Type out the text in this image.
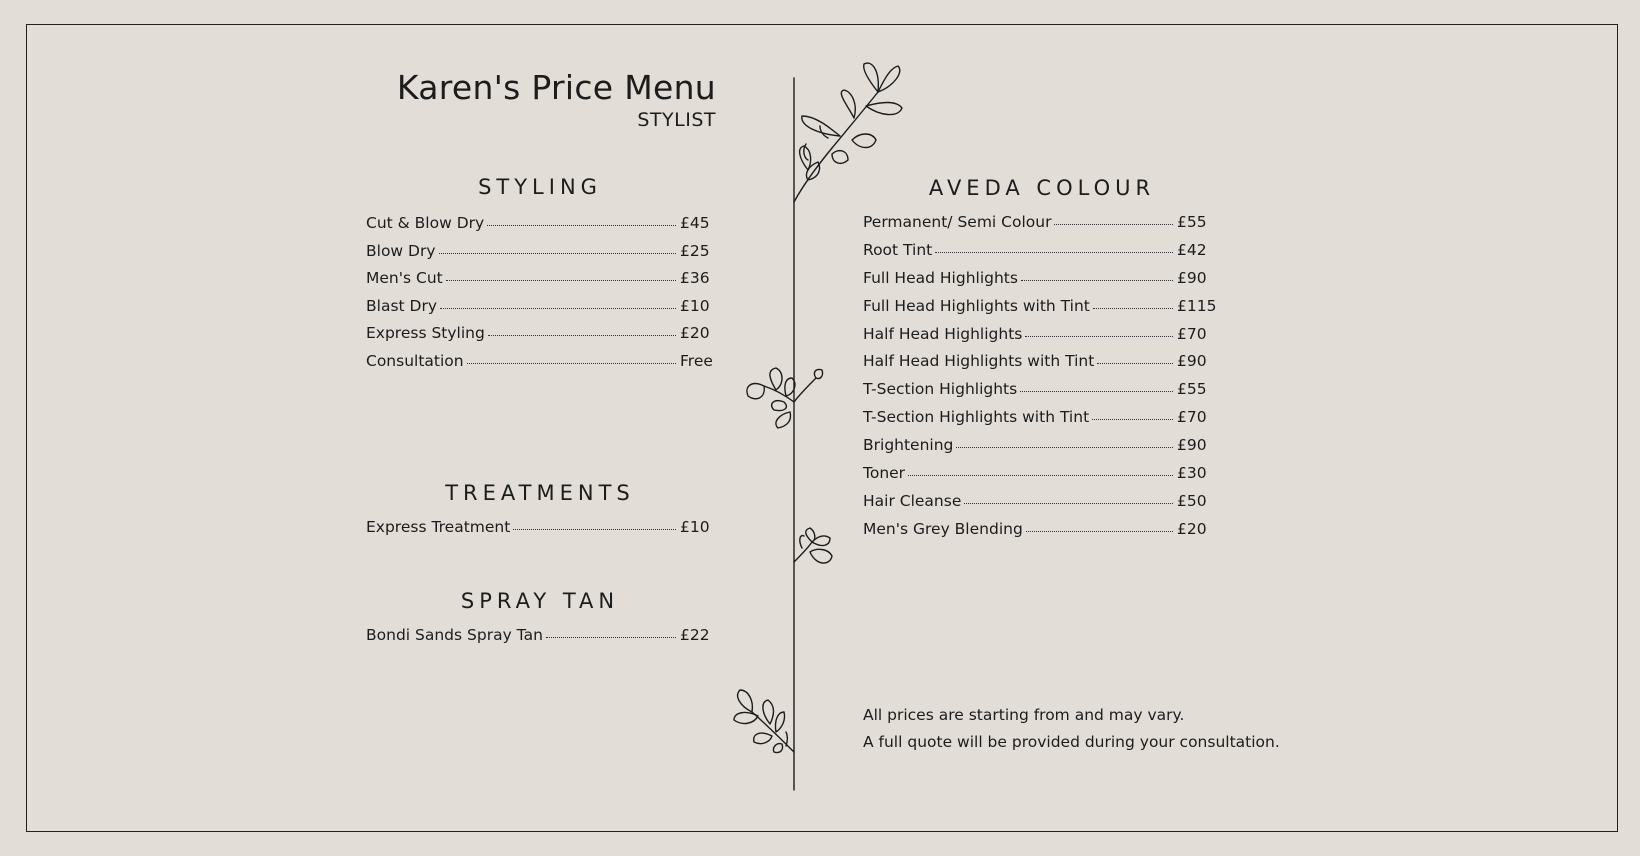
Karen's Price Menu
STYLIST
STYLING
Cut & Blow Dry	£45
Blow Dry	£25
Men's Cut	£36
Blast Dry	£10
Express Styling	£20
Consultation	Free
TREATMENTS
Express Treatment	£10
SPRAY TAN
Bondi Sands Spray Tan	£22
AVEDA COLOUR
Permanent/ Semi Colour	£55
Root Tint	£42
Full Head Highlights	£90
Full Head Highlights with Tint	£115
Half Head Highlights	£70
Half Head Highlights with Tint	£90
T-Section Highlights	£55
T-Section Highlights with Tint	£70
Brightening	£90
Toner	£30
Hair Cleanse	£50
Men's Grey Blending	£20
All prices are starting from and may vary.
A full quote will be provided during your consultation.
